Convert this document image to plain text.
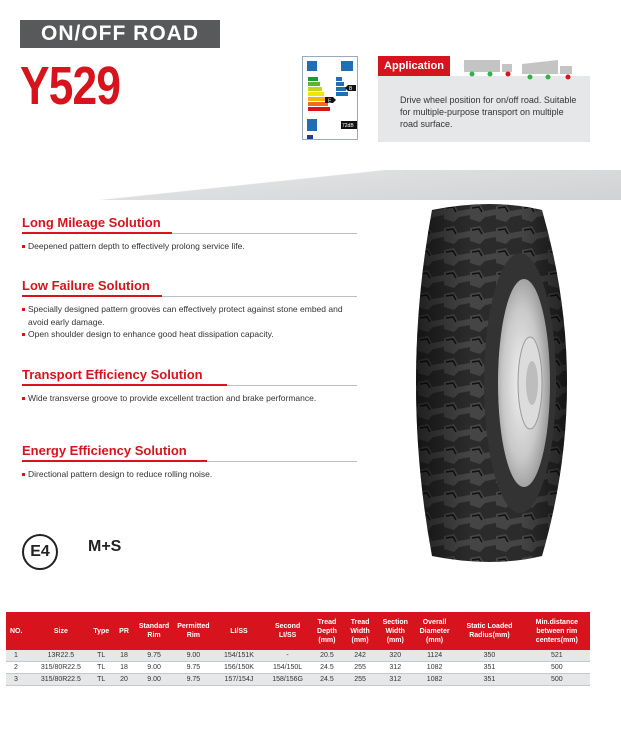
ON/OFF ROAD
Y529	E
B
72dB
Application
Drive wheel position for on/off road. Suitable for multiple-purpose transport on multiple road surface.
Long Mileage Solution
Deepened pattern depth to effectively prolong service life.
Low Failure Solution
Specially designed pattern grooves can effectively protect against stone embed and avoid early damage.
Open shoulder design to enhance good heat dissipation capacity.
Transport Efficiency Solution
Wide transverse groove to provide excellent traction and brake performance.
Energy Efficiency Solution
Directional pattern design to reduce rolling noise.
E4	M+S
NO.	Size	Type	PR	Standard Rim	Permitted Rim	LI/SS	Second LI/SS	Tread Depth (mm)	Tread Width (mm)	Section Width (mm)	Overall Diameter (mm)	Static Loaded Radius(mm)	Min.distance between rim centers(mm)
1	13R22.5	TL	18	9.75	9.00	154/151K	-	20.5	242	320	1124	350	521
2	315/80R22.5	TL	18	9.00	9.75	156/150K	154/150L	24.5	255	312	1082	351	500
3	315/80R22.5	TL	20	9.00	9.75	157/154J	158/156G	24.5	255	312	1082	351	500
